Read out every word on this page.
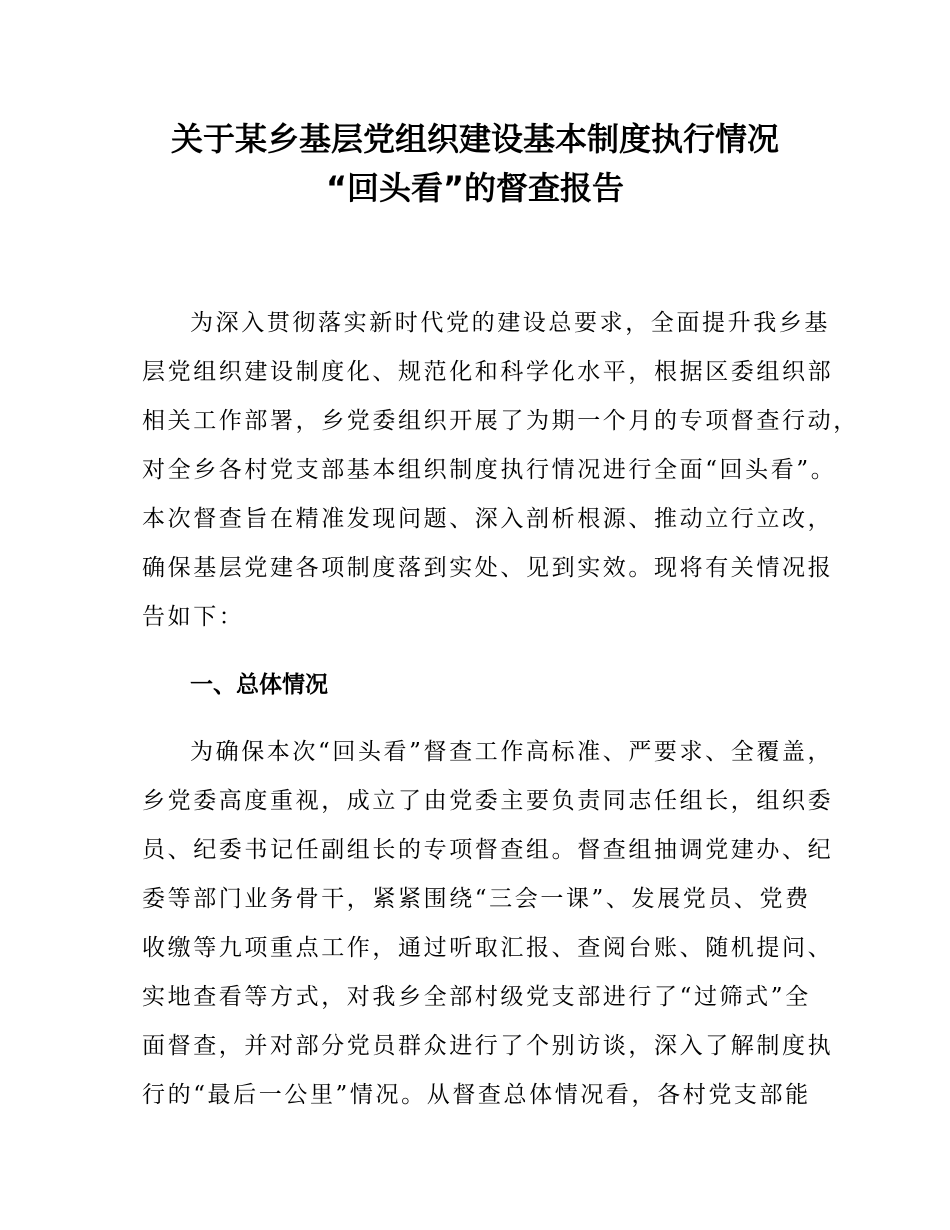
关于某乡基层党组织建设基本制度执行情况
“回头看”的督查报告

为深入贯彻落实新时代党的建设总要求，全面提升我乡基

层党组织建设制度化、规范化和科学化水平，根据区委组织部

相关工作部署，乡党委组织开展了为期一个月的专项督查行动，

对全乡各村党支部基本组织制度执行情况进行全面“回头看”。

本次督查旨在精准发现问题、深入剖析根源、推动立行立改，

确保基层党建各项制度落到实处、见到实效。现将有关情况报

告如下：

一、总体情况

为确保本次“回头看”督查工作高标准、严要求、全覆盖，

乡党委高度重视，成立了由党委主要负责同志任组长，组织委

员、纪委书记任副组长的专项督查组。督查组抽调党建办、纪

委等部门业务骨干，紧紧围绕“三会一课”、发展党员、党费

收缴等九项重点工作，通过听取汇报、查阅台账、随机提问、

实地查看等方式，对我乡全部村级党支部进行了“过筛式”全

面督查，并对部分党员群众进行了个别访谈，深入了解制度执

行的“最后一公里”情况。从督查总体情况看，各村党支部能
